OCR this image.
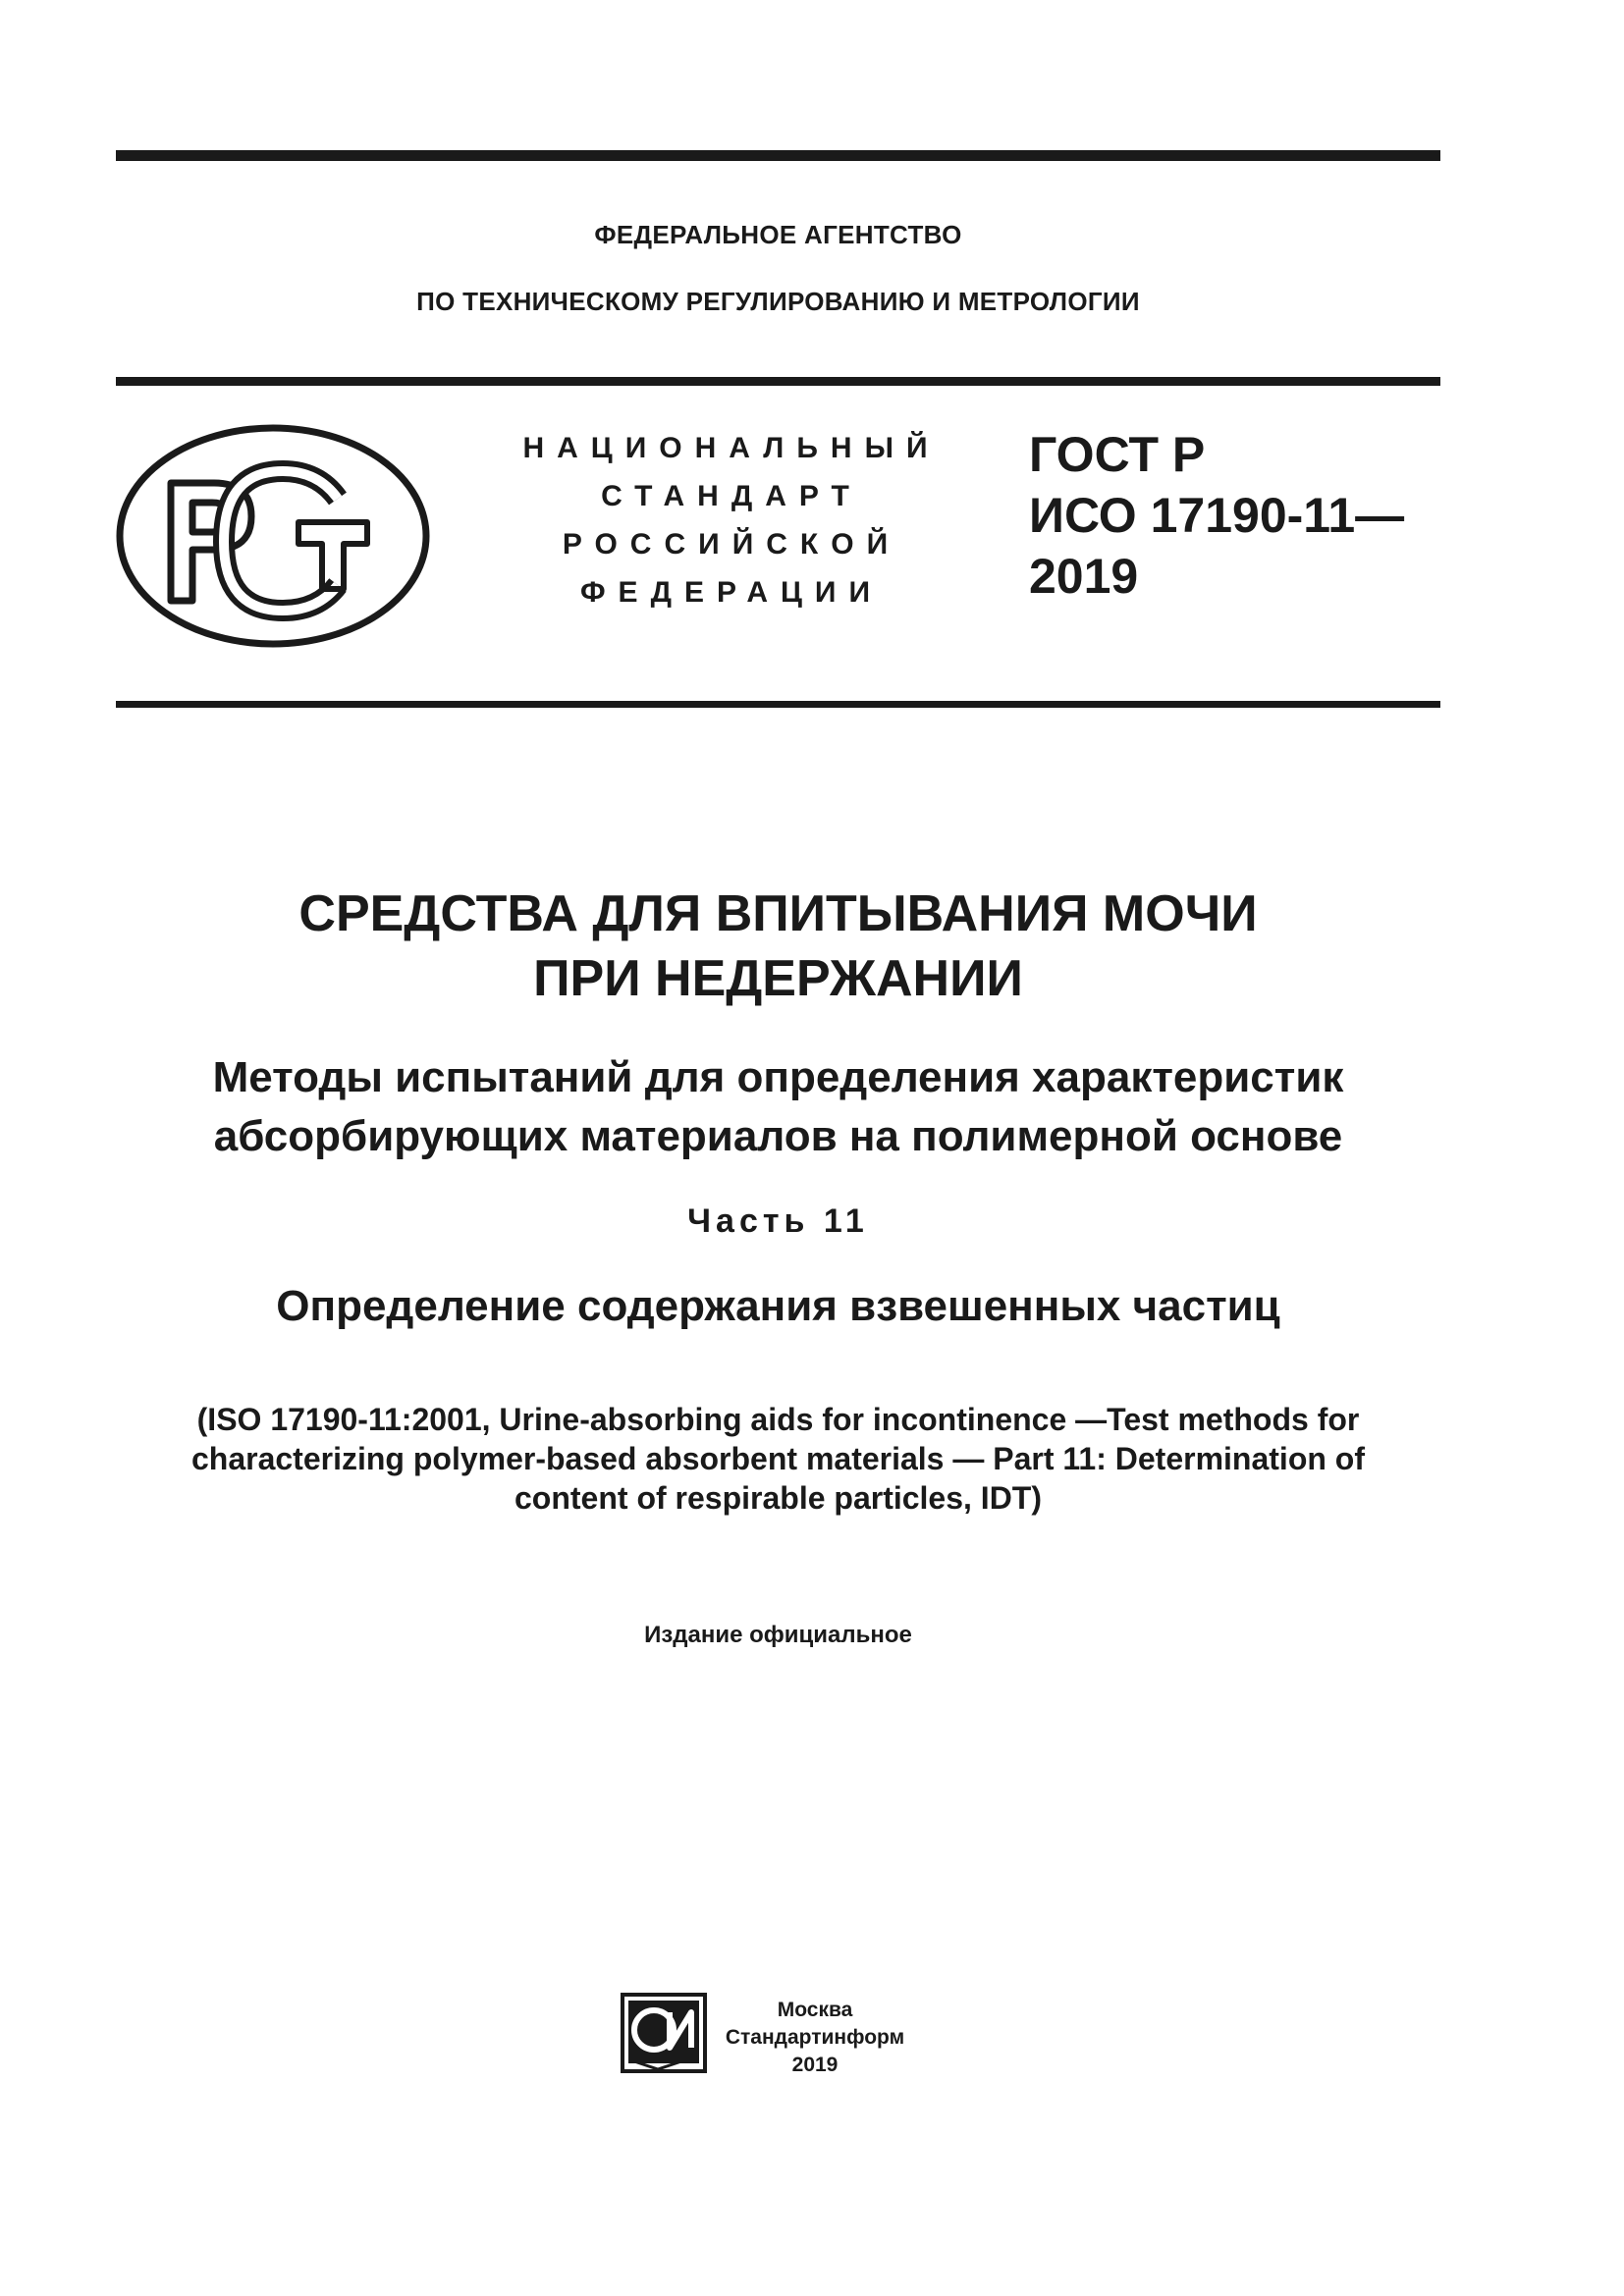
ФЕДЕРАЛЬНОЕ АГЕНТСТВО
ПО ТЕХНИЧЕСКОМУ РЕГУЛИРОВАНИЮ И МЕТРОЛОГИИ
НАЦИОНАЛЬНЫЙ
СТАНДАРТ
РОССИЙСКОЙ
ФЕДЕРАЦИИ
ГОСТ Р
ИСО 17190-11—
2019
СРЕДСТВА ДЛЯ ВПИТЫВАНИЯ МОЧИ
ПРИ НЕДЕРЖАНИИ
Методы испытаний для определения характеристик
абсорбирующих материалов на полимерной основе
Часть 11
Определение содержания взвешенных частиц
(ISO 17190-11:2001, Urine-absorbing aids for incontinence —Test methods for
characterizing polymer-based absorbent materials — Part 11: Determination of
content of respirable particles, IDT)
Издание официальное
Москва
Стандартинформ
2019
